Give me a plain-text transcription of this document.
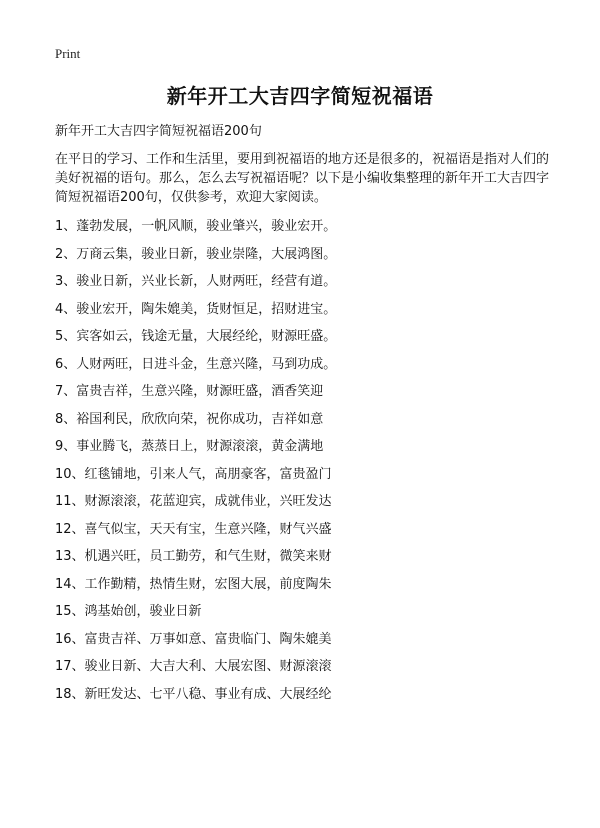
Print
新年开工大吉四字简短祝福语

新年开工大吉四字简短祝福语200句

在平日的学习、工作和生活里，要用到祝福语的地方还是很多的，祝福语是指对人们的美好祝福的语句。那么，怎么去写祝福语呢？以下是小编收集整理的新年开工大吉四字简短祝福语200句，仅供参考，欢迎大家阅读。

1、蓬勃发展，一帆风顺，骏业肇兴，骏业宏开。
2、万商云集，骏业日新，骏业崇隆，大展鸿图。
3、骏业日新，兴业长新，人财两旺，经营有道。
4、骏业宏开，陶朱媲美，货财恒足，招财进宝。
5、宾客如云，钱途无量，大展经纶，财源旺盛。
6、人财两旺，日进斗金，生意兴隆，马到功成。
7、富贵吉祥，生意兴隆，财源旺盛，酒香笑迎
8、裕国利民，欣欣向荣，祝你成功，吉祥如意
9、事业腾飞，蒸蒸日上，财源滚滚，黄金满地
10、红毯铺地，引来人气，高朋豪客，富贵盈门
11、财源滚滚，花蓝迎宾，成就伟业，兴旺发达
12、喜气似宝，天天有宝，生意兴隆，财气兴盛
13、机遇兴旺，员工勤劳，和气生财，微笑来财
14、工作勤精，热情生财，宏图大展，前度陶朱
15、鸿基始创，骏业日新
16、富贵吉祥、万事如意、富贵临门、陶朱媲美
17、骏业日新、大吉大利、大展宏图、财源滚滚
18、新旺发达、七平八稳、事业有成、大展经纶
